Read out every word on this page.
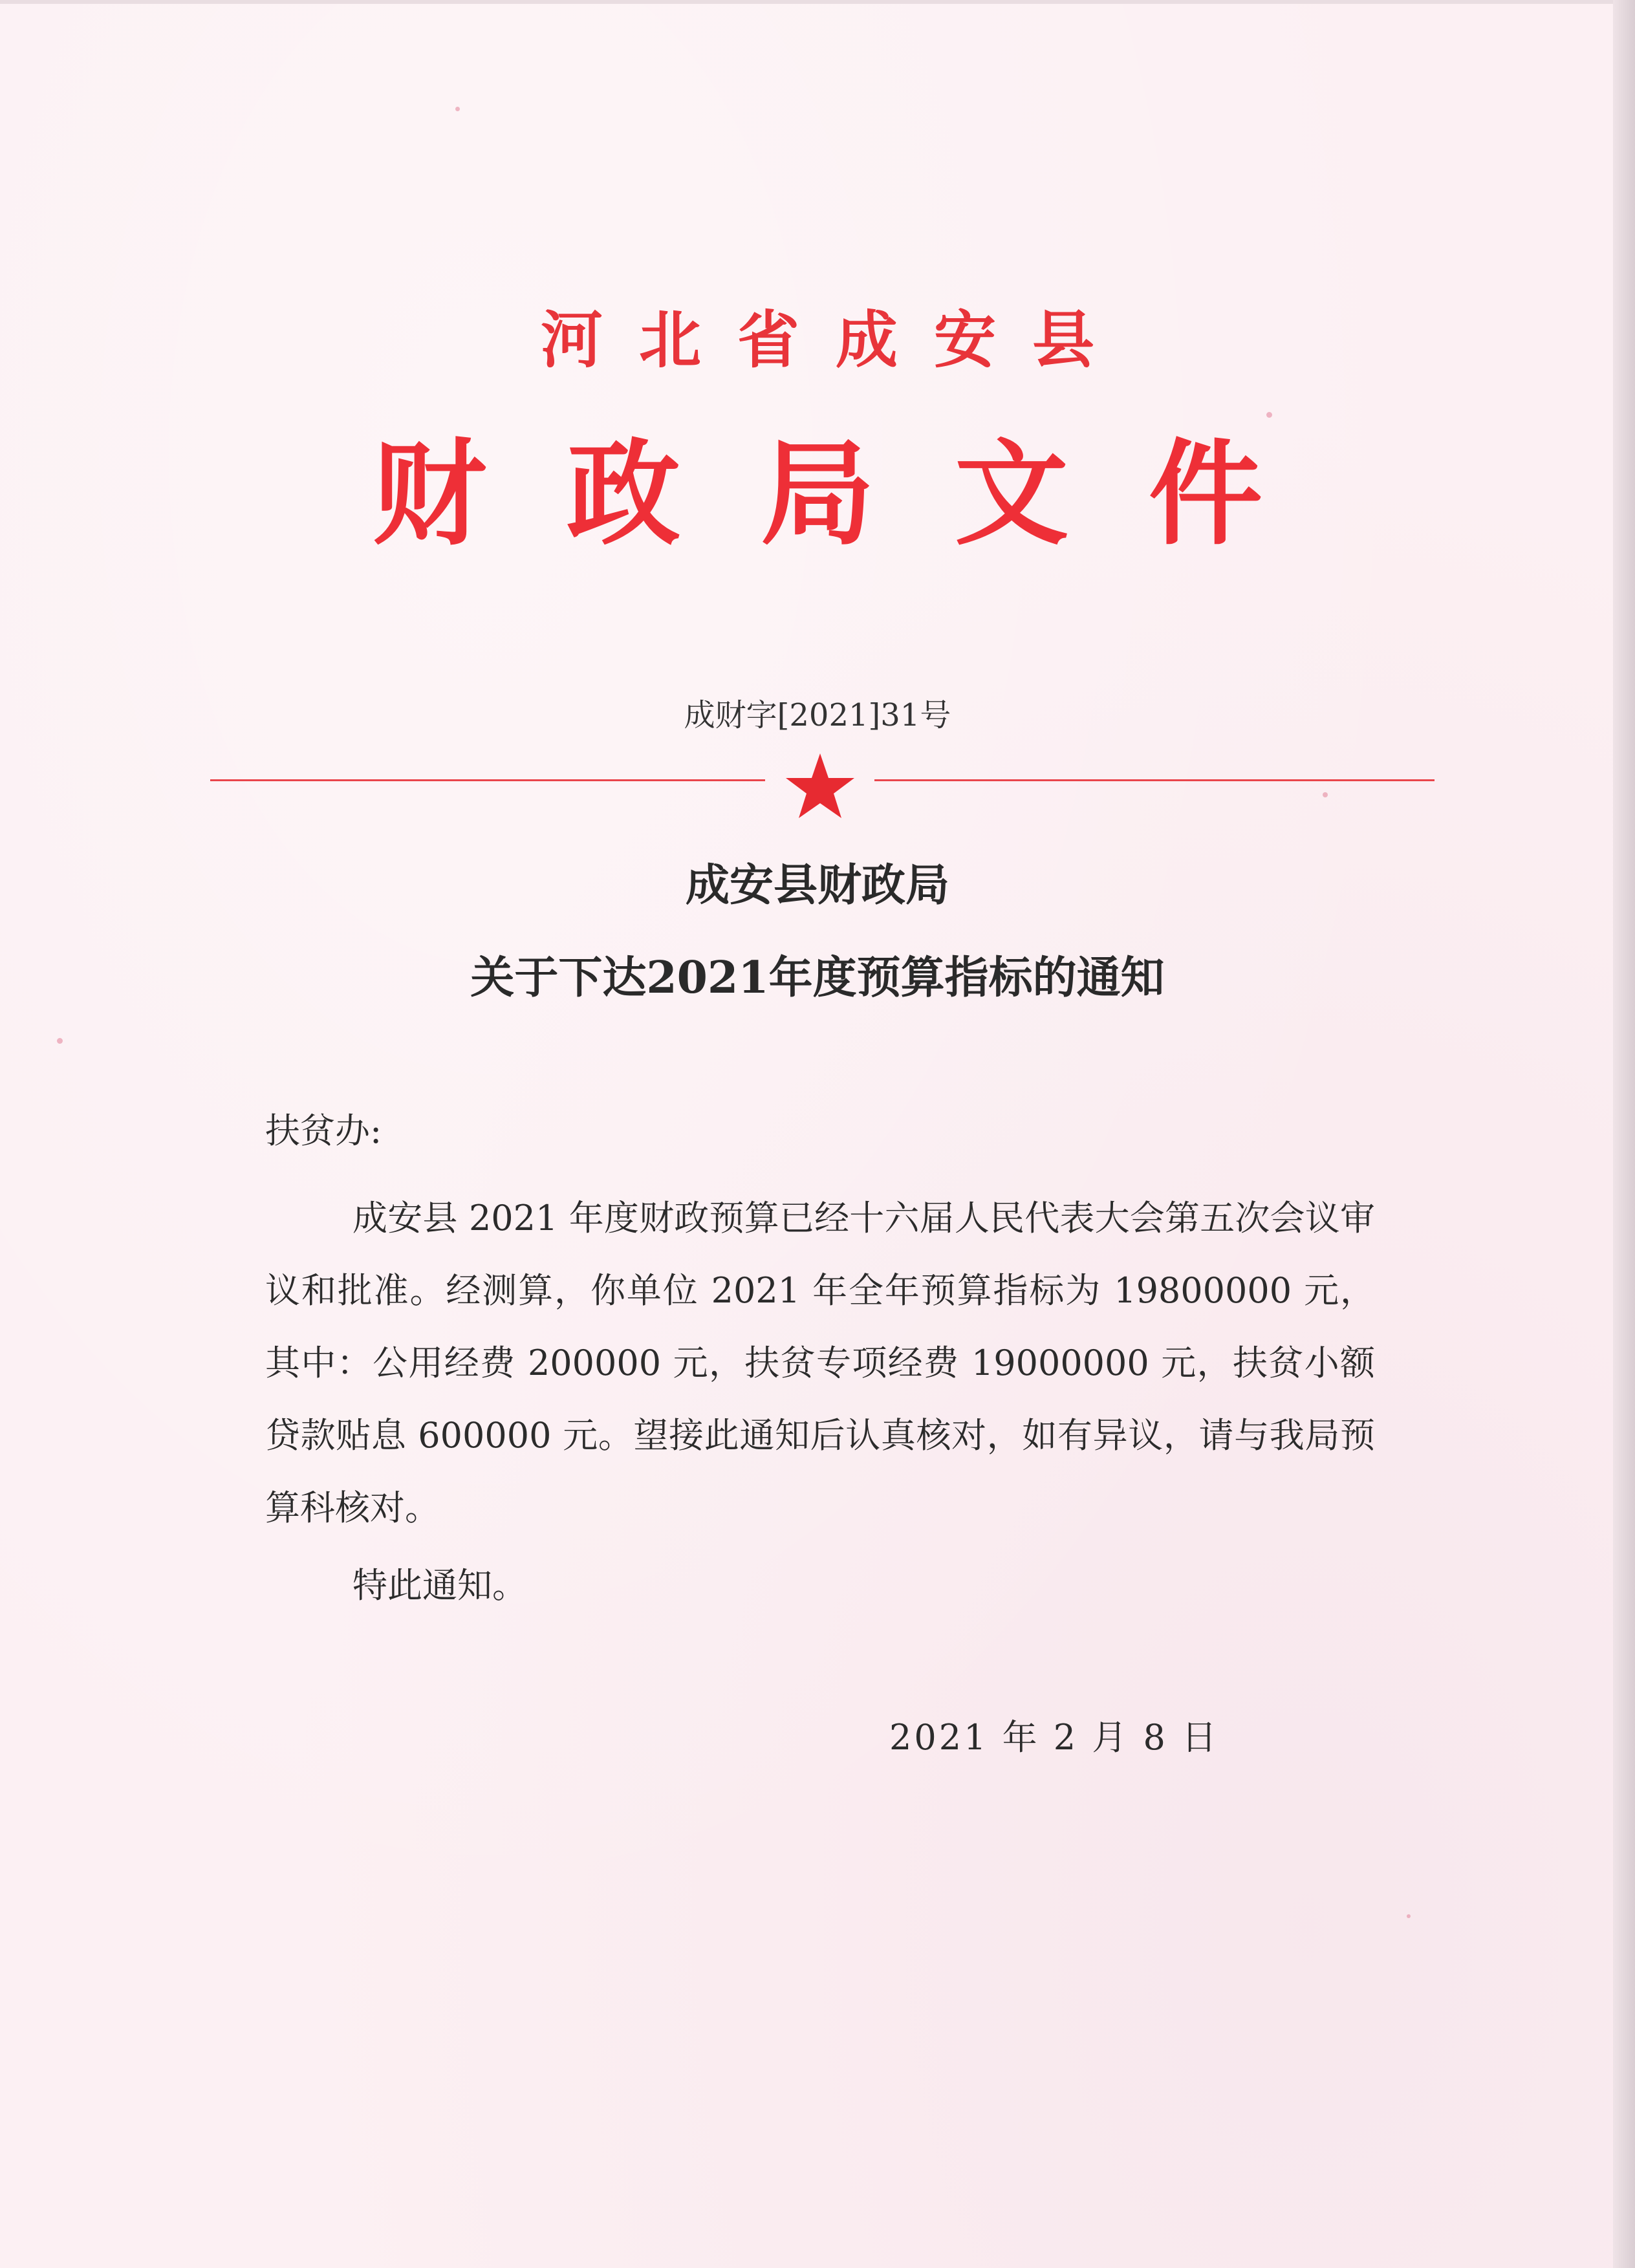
河北省成安县
财政局文件
成财字[2021]31号
成安县财政局
关于下达2021年度预算指标的通知
扶贫办:

成安县 2021 年度财政预算已经十六届人民代表大会第五次会议审议和批准。经测算，你单位 2021 年全年预算指标为 19800000 元，其中：公用经费 200000 元，扶贫专项经费 19000000 元，扶贫小额贷款贴息 600000 元。望接此通知后认真核对，如有异议，请与我局预算科核对。

特此通知。
2021 年 2 月 8 日
